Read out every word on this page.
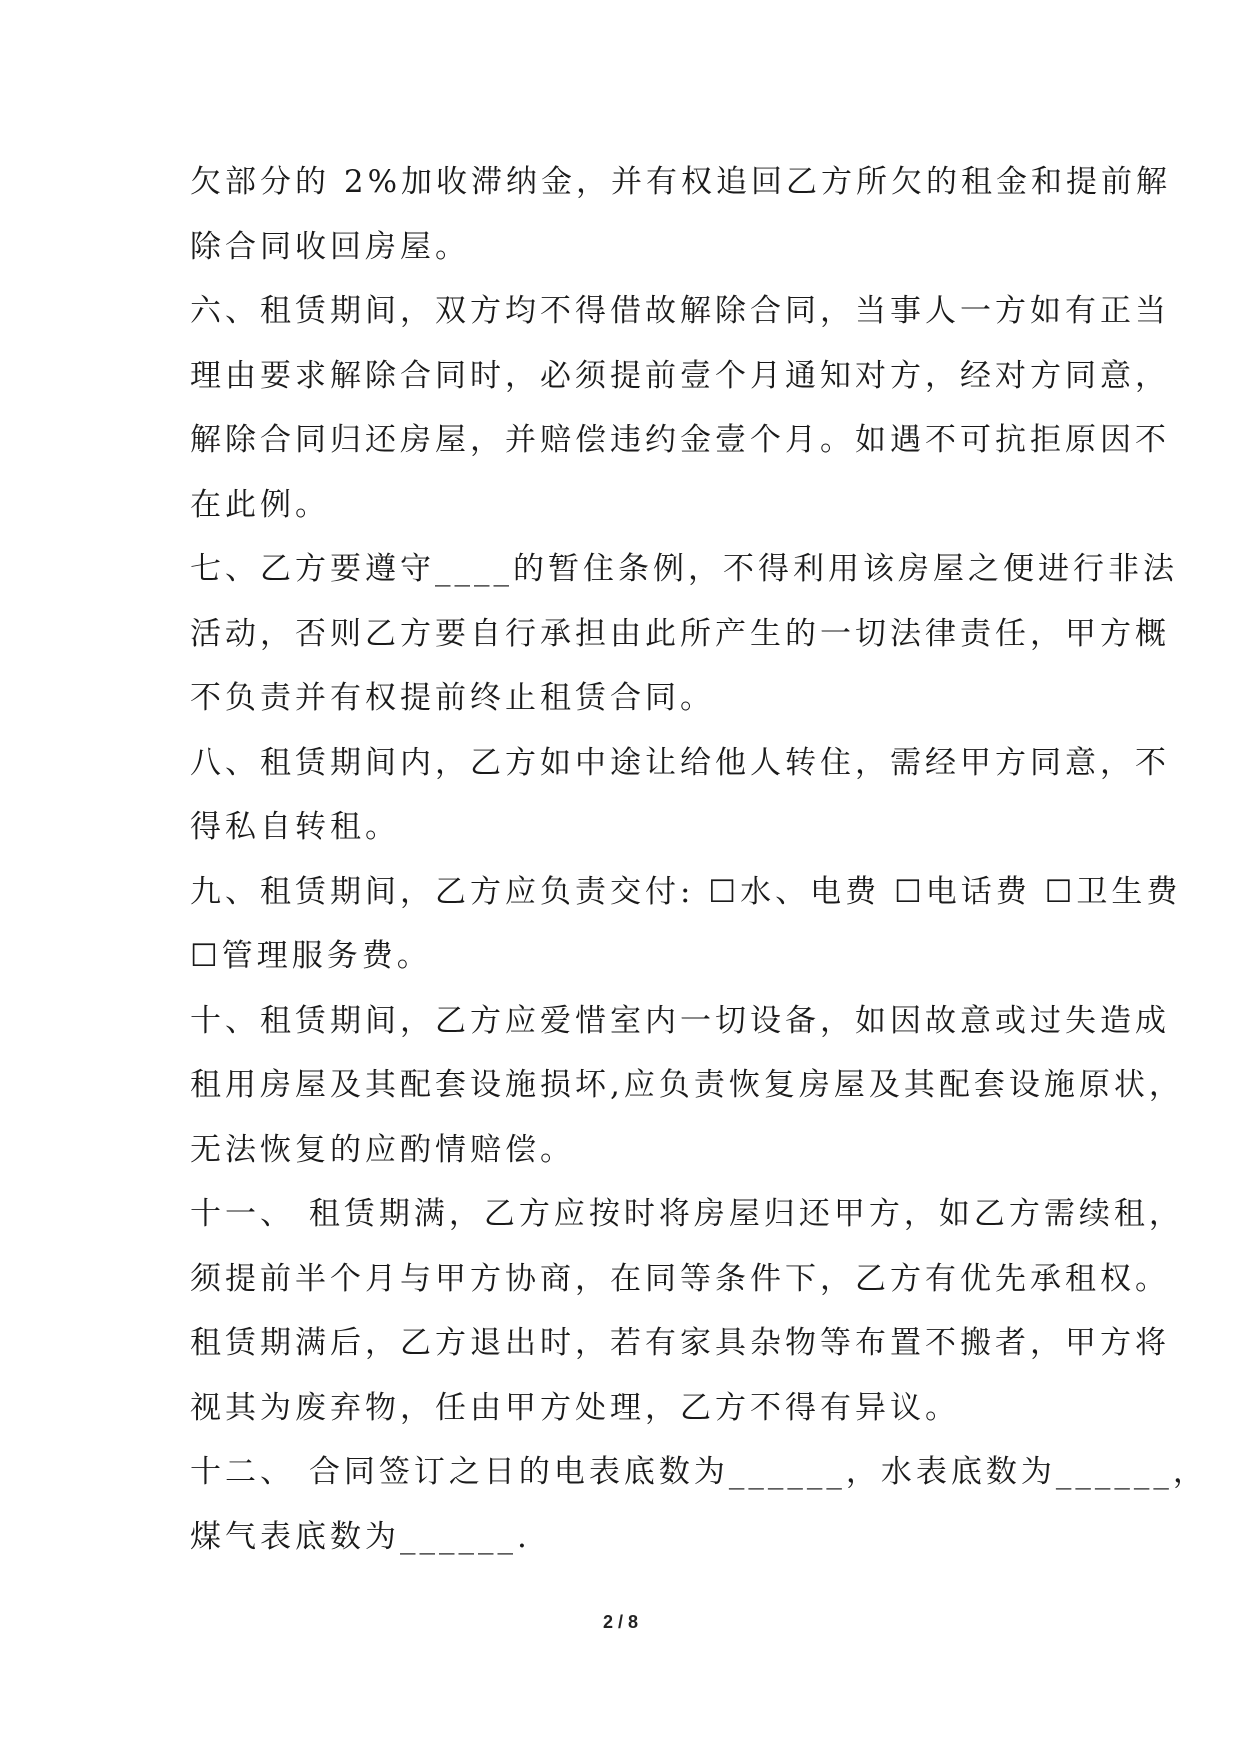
欠部分的 2%加收滞纳金，并有权追回乙方所欠的租金和提前解
除合同收回房屋。
六、租赁期间，双方均不得借故解除合同，当事人一方如有正当
理由要求解除合同时，必须提前壹个月通知对方，经对方同意，
解除合同归还房屋，并赔偿违约金壹个月。如遇不可抗拒原因不
在此例。
七、乙方要遵守____的暂住条例，不得利用该房屋之便进行非法
活动，否则乙方要自行承担由此所产生的一切法律责任，甲方概
不负责并有权提前终止租赁合同。
八、租赁期间内，乙方如中途让给他人转住，需经甲方同意，不
得私自转租。
九、租赁期间，乙方应负责交付: ☐水、电费 ☐电话费 ☐卫生费
☐管理服务费。
十、租赁期间，乙方应爱惜室内一切设备，如因故意或过失造成
租用房屋及其配套设施损坏,应负责恢复房屋及其配套设施原状，
无法恢复的应酌情赔偿。
十一、 租赁期满，乙方应按时将房屋归还甲方，如乙方需续租，
须提前半个月与甲方协商，在同等条件下，乙方有优先承租权。
租赁期满后，乙方退出时，若有家具杂物等布置不搬者，甲方将
视其为废弃物，任由甲方处理，乙方不得有异议。
十二、 合同签订之日的电表底数为______，水表底数为______，
煤气表底数为______.
2 / 8
